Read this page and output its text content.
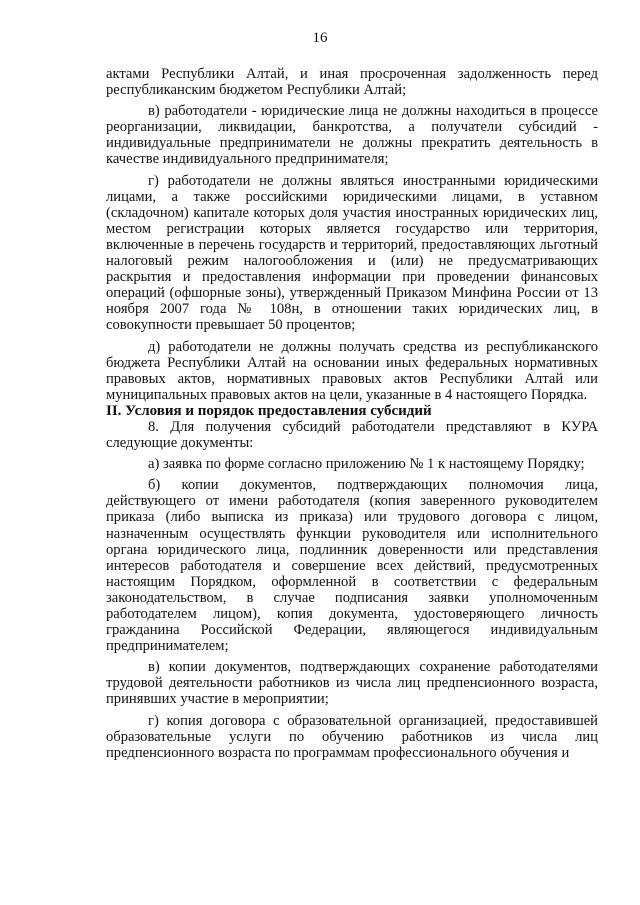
16

актами Республики Алтай, и иная просроченная задолженность перед республиканским бюджетом Республики Алтай;

в) работодатели - юридические лица не должны находиться в процессе реорганизации, ликвидации, банкротства, а получатели субсидий - индивидуальные предприниматели не должны прекратить деятельность в качестве индивидуального предпринимателя;

г) работодатели не должны являться иностранными юридическими лицами, а также российскими юридическими лицами, в уставном (складочном) капитале которых доля участия иностранных юридических лиц, местом регистрации которых является государство или территория, включенные в перечень государств и территорий, предоставляющих льготный налоговый режим налогообложения и (или) не предусматривающих раскрытия и предоставления информации при проведении финансовых операций (офшорные зоны), утвержденный Приказом Минфина России от 13 ноября 2007 года № 108н, в отношении таких юридических лиц, в совокупности превышает 50 процентов;

д) работодатели не должны получать средства из республиканского бюджета Республики Алтай на основании иных федеральных нормативных правовых актов, нормативных правовых актов Республики Алтай или муниципальных правовых актов на цели, указанные в 4 настоящего Порядка.

II. Условия и порядок предоставления субсидий

8. Для получения субсидий работодатели представляют в КУРА следующие документы:

а) заявка по форме согласно приложению № 1 к настоящему Порядку;

б) копии документов, подтверждающих полномочия лица, действующего от имени работодателя (копия заверенного руководителем приказа (либо выписка из приказа) или трудового договора с лицом, назначенным осуществлять функции руководителя или исполнительного органа юридического лица, подлинник доверенности или представления интересов работодателя и совершение всех действий, предусмотренных настоящим Порядком, оформленной в соответствии с федеральным законодательством, в случае подписания заявки уполномоченным работодателем лицом), копия документа, удостоверяющего личность гражданина Российской Федерации, являющегося индивидуальным предпринимателем;

в) копии документов, подтверждающих сохранение работодателями трудовой деятельности работников из числа лиц предпенсионного возраста, принявших участие в мероприятии;

г) копия договора с образовательной организацией, предоставившей образовательные услуги по обучению работников из числа лиц предпенсионного возраста по программам профессионального обучения и
